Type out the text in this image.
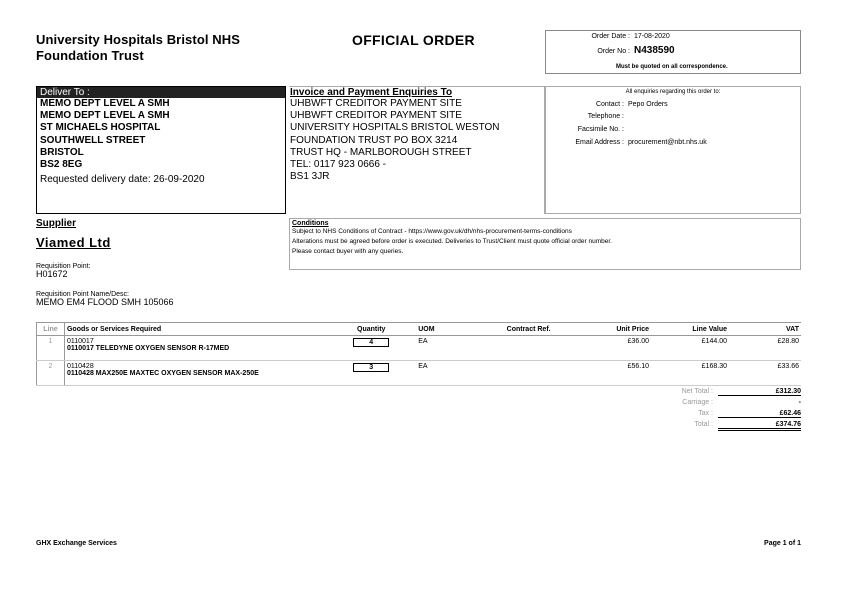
University Hospitals Bristol NHS
Foundation Trust
OFFICIAL ORDER	Order Date : 17-08-2020
Order No : N438590
Must be quoted on all correspondence.
Deliver To :
MEMO DEPT LEVEL A SMH
MEMO DEPT LEVEL A SMH
ST MICHAELS HOSPITAL
SOUTHWELL STREET
BRISTOL
BS2 8EG
Requested delivery date: 26-09-2020
Invoice and Payment Enquiries To
UHBWFT CREDITOR PAYMENT SITE
UHBWFT CREDITOR PAYMENT SITE
UNIVERSITY HOSPITALS BRISTOL WESTON
FOUNDATION TRUST PO BOX 3214
TRUST HQ - MARLBOROUGH STREET
TEL: 0117 923 0666 -
BS1 3JR
All enquiries regarding this order to:
Contact : Pepo Orders
Telephone :
Facsimile No. :
Email Address : procurement@nbt.nhs.uk
Supplier
Viamed Ltd
Requisition Point:
H01672
Requisition Point Name/Desc:
MEMO EM4 FLOOD SMH 105066
Conditions
Subject to NHS Conditions of Contract - https://www.gov.uk/dh/nhs-procurement-terms-conditions
Alterations must be agreed before order is executed. Deliveries to Trust/Client must quote official order number.
Please contact buyer with any queries.
Line	Goods or Services Required	Quantity	UOM	Contract Ref.	Unit Price	Line Value	VAT
1	0110017
0110017 TELEDYNE OXYGEN SENSOR R-17MED	4	EA		£36.00	£144.00	£28.80
2	0110428
0110428 MAX250E MAXTEC OXYGEN SENSOR MAX-250E	3	EA		£56.10	£168.30	£33.66
Net Total :	£312.30
Carriage :	-
Tax :	£62.46
Total :	£374.76
GHX Exchange Services	Page 1 of 1
